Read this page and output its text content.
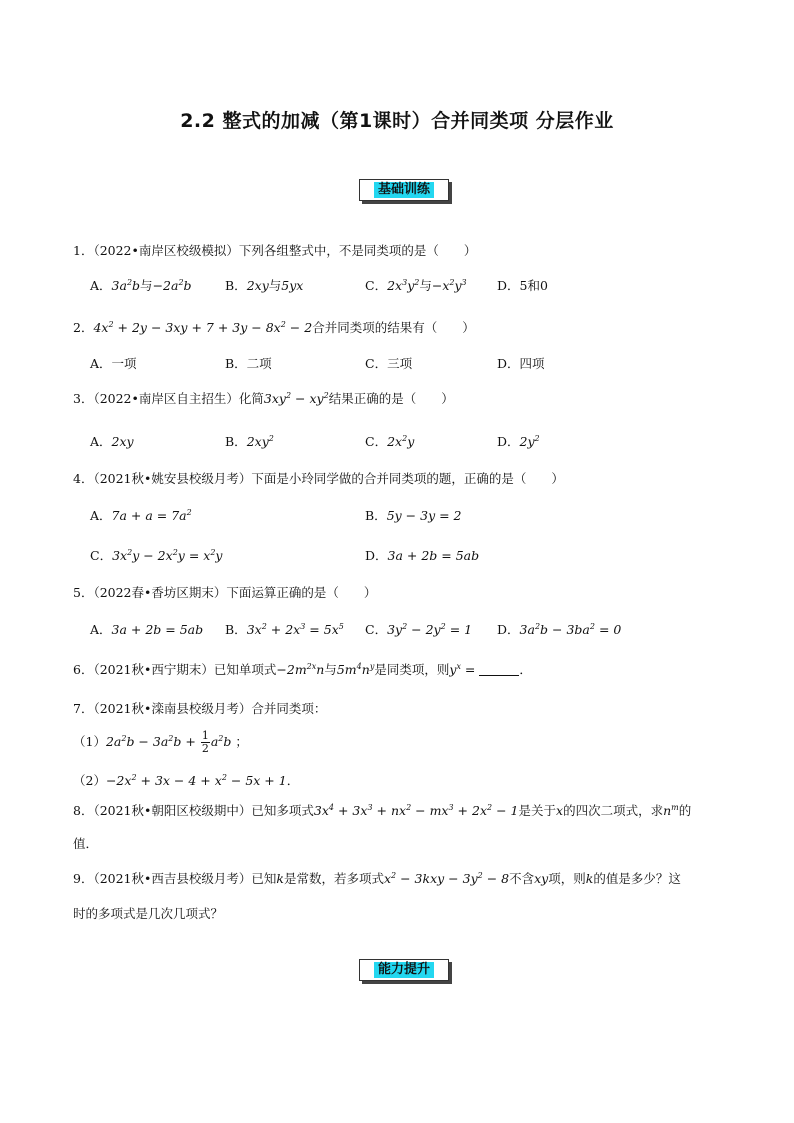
2.2 整式的加减（第1课时）合并同类项 分层作业
基础训练
1．（2022•南岸区校级模拟）下列各组整式中，不是同类项的是（　　）
A．$3a^2b$与$-2a^2b$	B．2xy与5yx	C．$2x^3y^2$与$-x^2y^3$ D．5和0
2．$4x^2 + 2y - 3xy + 7 + 3y - 8x^2 - 2$合并同类项的结果有（　　）
A．一项	B．二项	C．三项	D．四项
3．（2022•南岸区自主招生）化简$3xy^2 - xy^2$结果正确的是（　　）
A．2xy	B．$2xy^2$	C．$2x^2y$	D．$2y^2$
4．（2021秋•姚安县校级月考）下面是小玲同学做的合并同类项的题，正确的是（　　）
A．$7a + a = 7a^2$	B．5y − 3y = 2
C．$3x^2y - 2x^2y = x^2y$	D．3a + 2b = 5ab
5．（2022春•香坊区期末）下面运算正确的是（　　）
A．3a + 2b = 5ab B．$3x^2 + 2x^3 = 5x^5$ C．$3y^2 - 2y^2 = 1$ D．$3a^2b - 3ba^2 = 0$
6．（2021秋•西宁期末）已知单项式$-2m^{2x}n$与$5m^4n^y$是同类项，则$y^x$ =	．
7．（2021秋•滦南县校级月考）合并同类项：
$(1)2a^2b - 3a^2b + \frac{1}{2} a^2b$ ；
$(2)-2x^2 + 3x - 4 + x^2 - 5x + 1$．
8．（2021秋•朝阳区校级期中）已知多项式$3x^4 + 3x^3 + nx^2 - mx^3 + 2x^2 - 1$是关于x的四次二项式，求$n^m$的
值．
9．（2021秋•西吉县校级月考）已知k是常数，若多项式$x^2 - 3kxy - 3y^2 - 8$不含xy项，则k的值是多少？这
时的多项式是几次几项式？
能力提升
